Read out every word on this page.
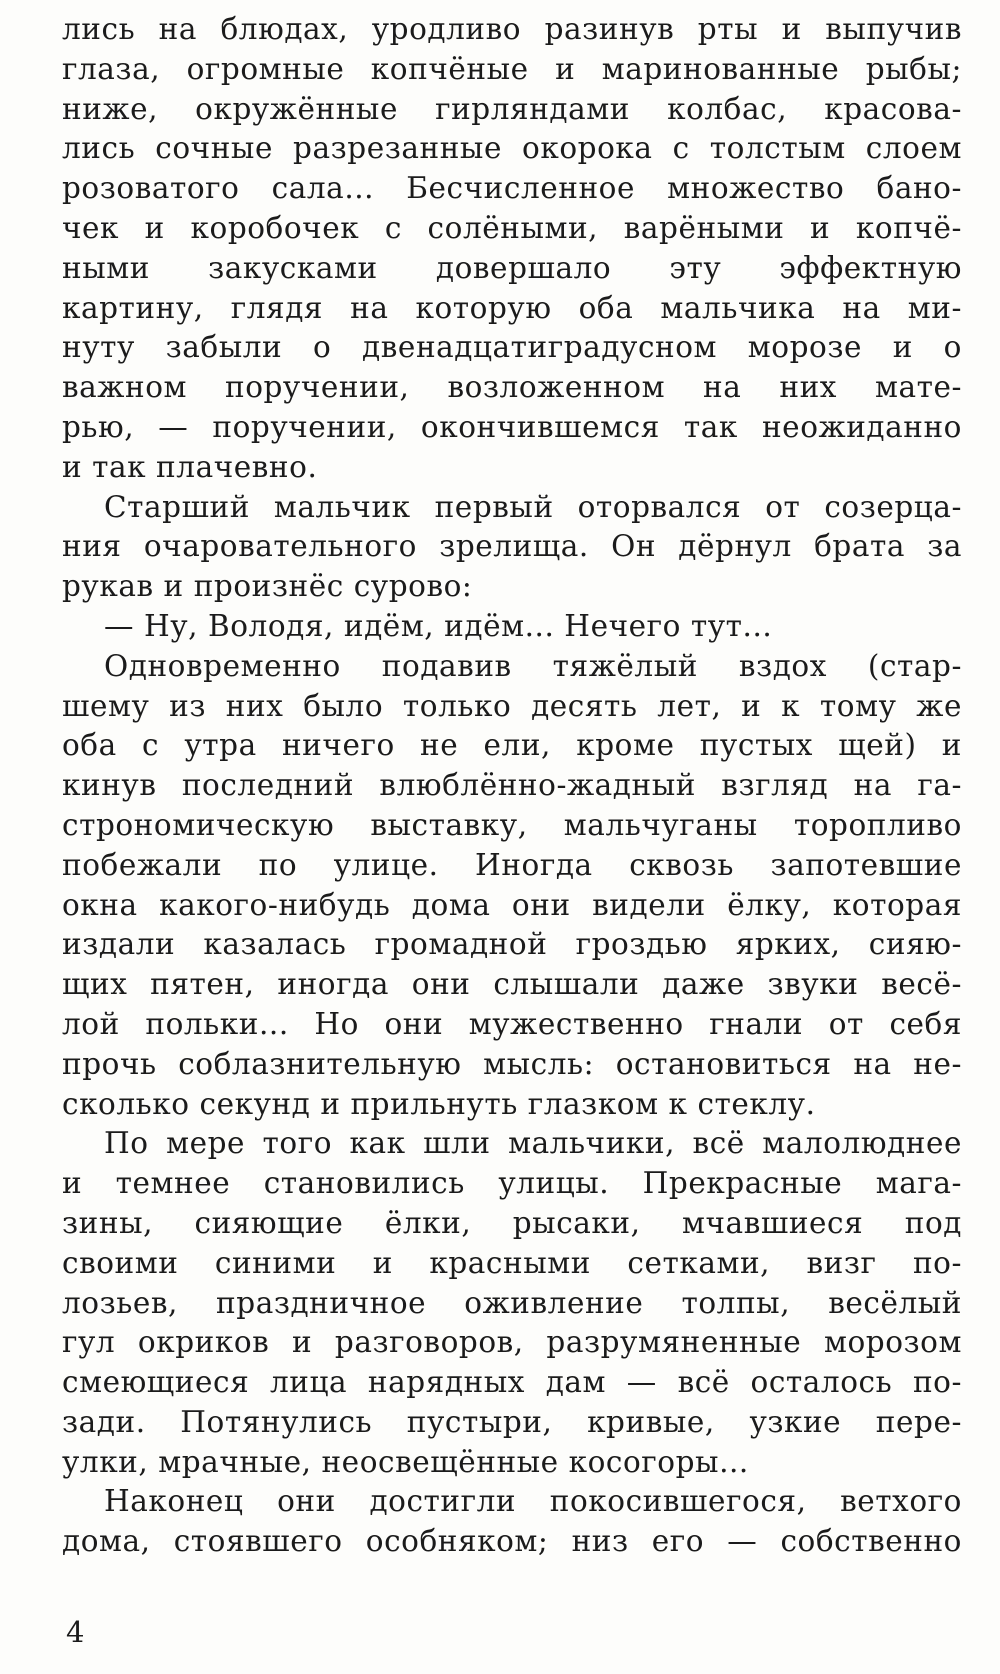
лись на блюдах, уродливо разинув рты и выпучив
глаза, огромные копчёные и маринованные рыбы;
ниже, окружённые гирляндами колбас, красова-
лись сочные разрезанные окорока с толстым слоем
розоватого сала... Бесчисленное множество бано-
чек и коробочек с солёными, варёными и копчё-
ными закусками довершало эту эффектную
картину, глядя на которую оба мальчика на ми-
нуту забыли о двенадцатиградусном морозе и о
важном поручении, возложенном на них мате-
рью, — поручении, окончившемся так неожиданно
и так плачевно.
Старший мальчик первый оторвался от созерца-
ния очаровательного зрелища. Он дёрнул брата за
рукав и произнёс сурово:
— Ну, Володя, идём, идём... Нечего тут...
Одновременно подавив тяжёлый вздох (стар-
шему из них было только десять лет, и к тому же
оба с утра ничего не ели, кроме пустых щей) и
кинув последний влюблённо-жадный взгляд на га-
строномическую выставку, мальчуганы торопливо
побежали по улице. Иногда сквозь запотевшие
окна какого-нибудь дома они видели ёлку, которая
издали казалась громадной гроздью ярких, сияю-
щих пятен, иногда они слышали даже звуки весё-
лой польки... Но они мужественно гнали от себя
прочь соблазнительную мысль: остановиться на не-
сколько секунд и прильнуть глазком к стеклу.
По мере того как шли мальчики, всё малолюднее
и темнее становились улицы. Прекрасные мага-
зины, сияющие ёлки, рысаки, мчавшиеся под
своими синими и красными сетками, визг по-
лозьев, праздничное оживление толпы, весёлый
гул окриков и разговоров, разрумяненные морозом
смеющиеся лица нарядных дам — всё осталось по-
зади. Потянулись пустыри, кривые, узкие пере-
улки, мрачные, неосвещённые косогоры...
Наконец они достигли покосившегося, ветхого
дома, стоявшего особняком; низ его — собственно
4
